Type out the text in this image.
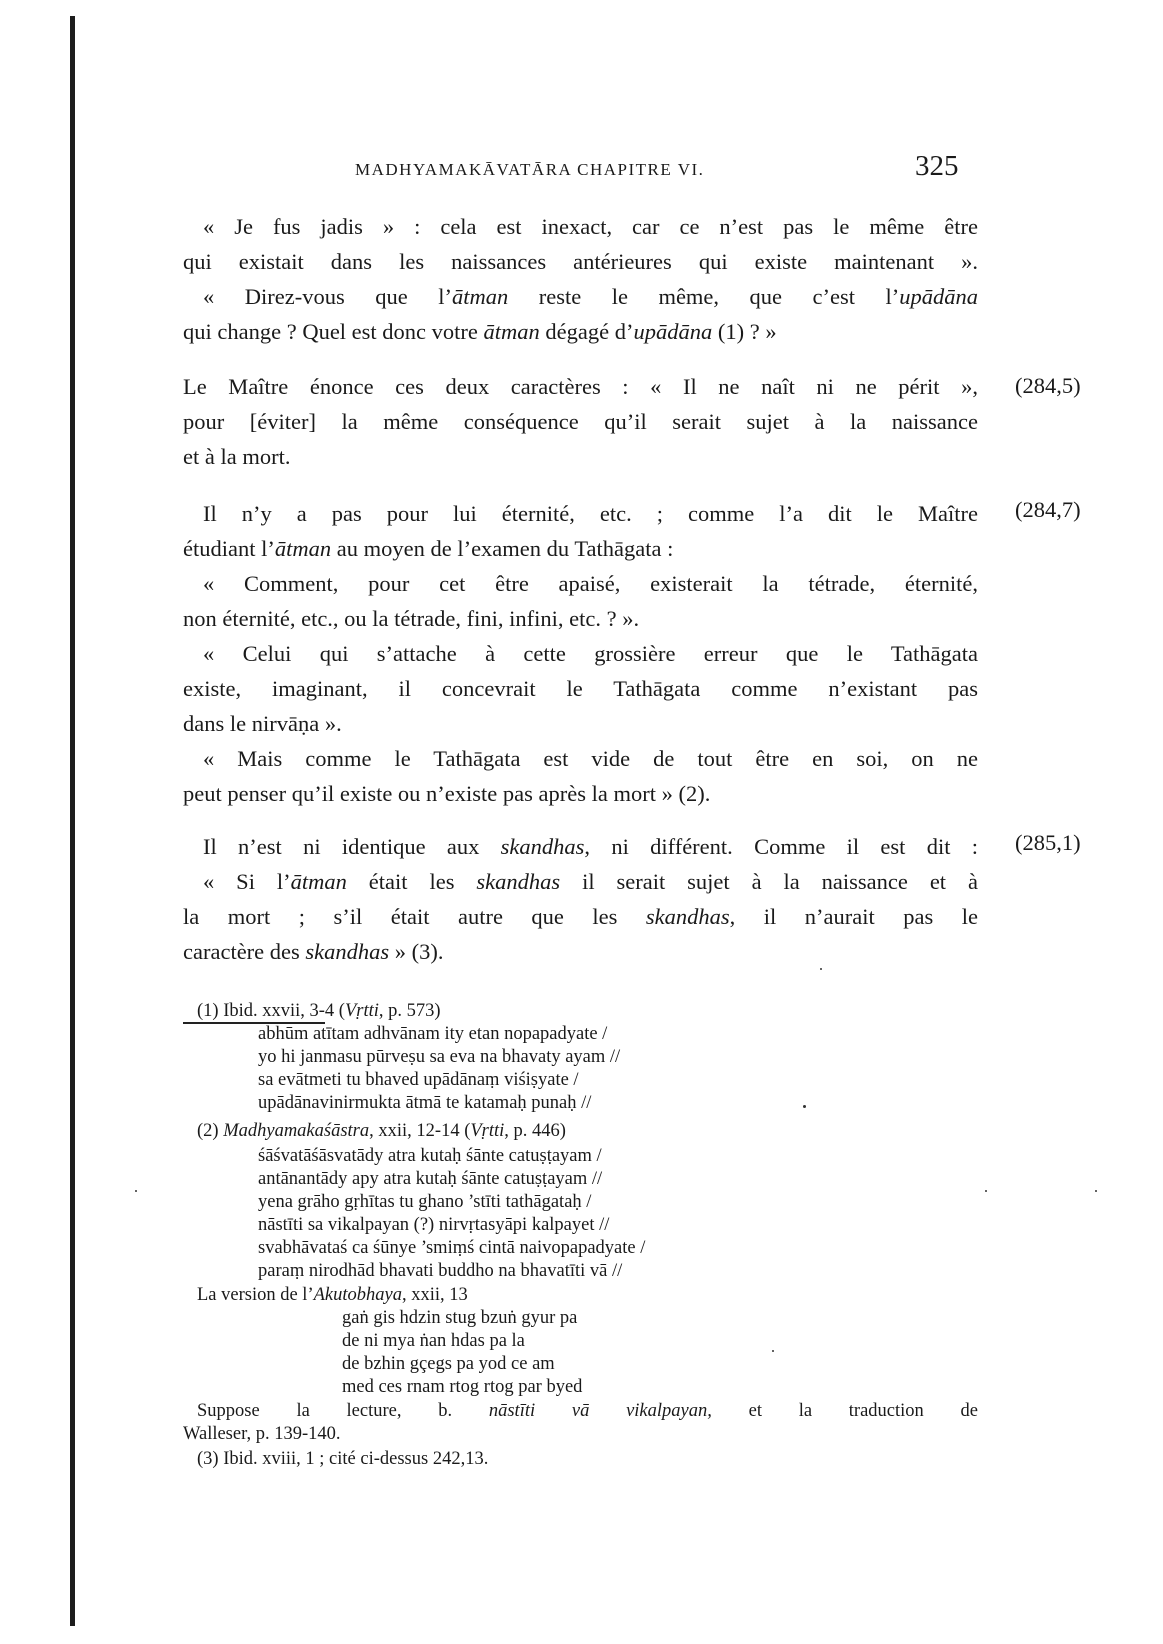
MADHYAMAKĀVATĀRA CHAPITRE VI.	325
« Je fus jadis » : cela est inexact, car ce n’est pas le même être
qui existait dans les naissances antérieures qui existe maintenant ».
« Direz-vous que l’ātman reste le même, que c’est l’upādāna
qui change ? Quel est donc votre ātman dégagé d’upādāna (1) ? »
(284,5)
Le Maître énonce ces deux caractères : « Il ne naît ni ne périt »,
pour [éviter] la même conséquence qu’il serait sujet à la naissance
et à la mort.
(284,7)
Il n’y a pas pour lui éternité, etc. ; comme l’a dit le Maître
étudiant l’ātman au moyen de l’examen du Tathāgata :
« Comment, pour cet être apaisé, existerait la tétrade, éternité,
non éternité, etc., ou la tétrade, fini, infini, etc. ? ».
« Celui qui s’attache à cette grossière erreur que le Tathāgata
existe, imaginant, il concevrait le Tathāgata comme n’existant pas
dans le nirvāṇa ».
« Mais comme le Tathāgata est vide de tout être en soi, on ne
peut penser qu’il existe ou n’existe pas après la mort » (2).
(285,1)
Il n’est ni identique aux skandhas, ni différent. Comme il est dit :
« Si l’ātman était les skandhas il serait sujet à la naissance et à
la mort ; s’il était autre que les skandhas, il n’aurait pas le
caractère des skandhas » (3).
(1) Ibid. xxvii, 3-4 (Vṛtti, p. 573)
abhūm atītam adhvānam ity etan nopapadyate /
yo hi janmasu pūrveṣu sa eva na bhavaty ayam //
sa evātmeti tu bhaved upādānaṃ viśiṣyate /
upādānavinirmukta ātmā te katamaḥ punaḥ //
(2) Madhyamakaśāstra, xxii, 12-14 (Vṛtti, p. 446)
śāśvatāśāsvatādy atra kutaḥ śānte catuṣṭayam /
antānantādy apy atra kutaḥ śānte catuṣṭayam //
yena grāho gṛhītas tu ghano ’stīti tathāgataḥ /
nāstīti sa vikalpayan (?) nirvṛtasyāpi kalpayet //
svabhāvataś ca śūnye ’smiṃś cintā naivopapadyate /
paraṃ nirodhād bhavati buddho na bhavatīti vā //
La version de l’Akutobhaya, xxii, 13
gaṅ gis hdzin stug bzuṅ gyur pa
de ni mya ṅan hdas pa la
de bzhin gçegs pa yod ce am
med ces rnam rtog rtog par byed
Suppose la lecture, b. nāstīti vā vikalpayan, et la traduction de
Walleser, p. 139-140.
(3) Ibid. xviii, 1 ; cité ci-dessus 242,13.
